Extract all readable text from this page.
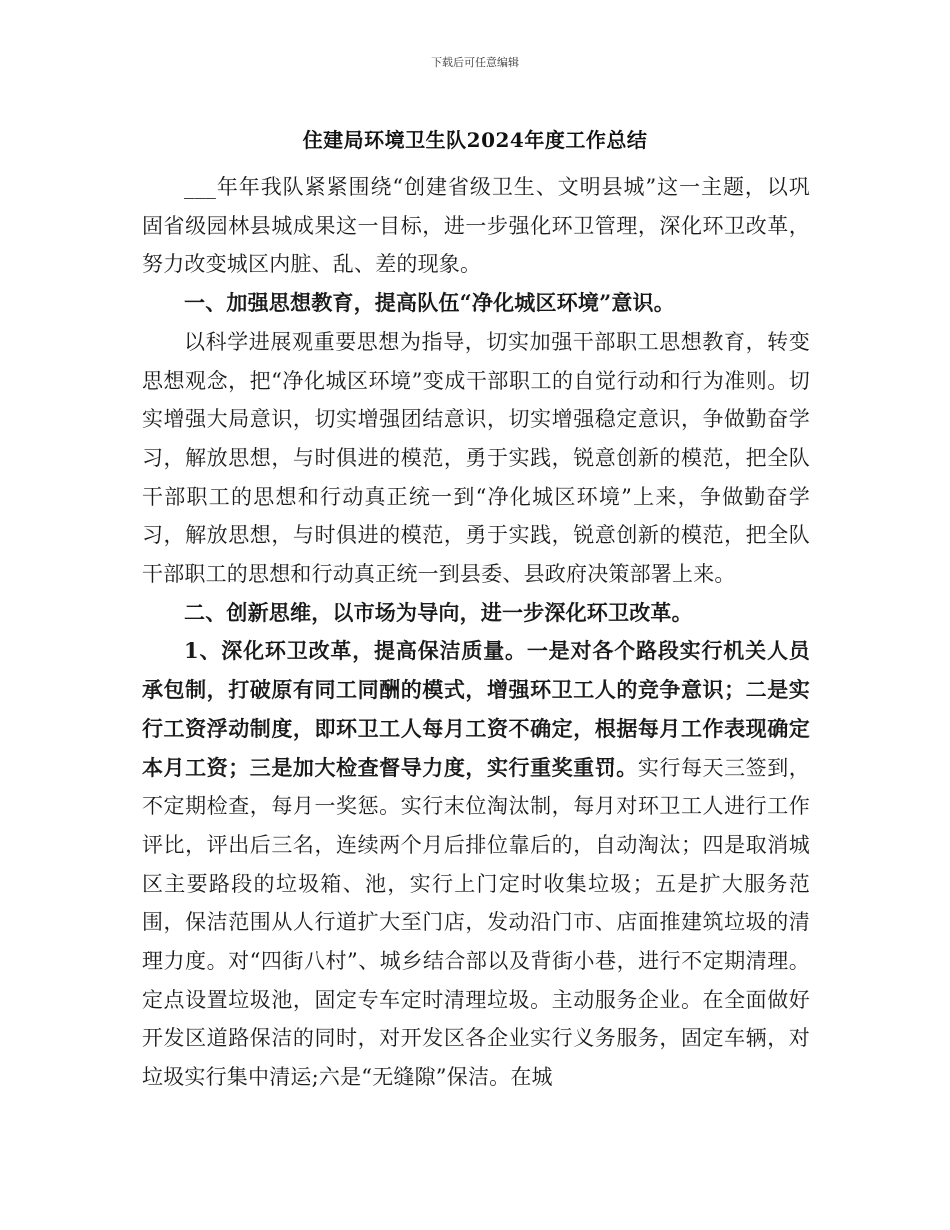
下载后可任意编辑
住建局环境卫生队2024年度工作总结

___年年我队紧紧围绕“创建省级卫生、文明县城”这一主题，以巩固省级园林县城成果这一目标，进一步强化环卫管理，深化环卫改革，努力改变城区内脏、乱、差的现象。

一、加强思想教育，提高队伍“净化城区环境”意识。

以科学进展观重要思想为指导，切实加强干部职工思想教育，转变思想观念，把“净化城区环境”变成干部职工的自觉行动和行为准则。切实增强大局意识，切实增强团结意识，切实增强稳定意识，争做勤奋学习，解放思想，与时俱进的模范，勇于实践，锐意创新的模范，把全队干部职工的思想和行动真正统一到“净化城区环境”上来，争做勤奋学习，解放思想，与时俱进的模范，勇于实践，锐意创新的模范，把全队干部职工的思想和行动真正统一到县委、县政府决策部署上来。

二、创新思维，以市场为导向，进一步深化环卫改革。

1、深化环卫改革，提高保洁质量。一是对各个路段实行机关人员承包制，打破原有同工同酬的模式，增强环卫工人的竞争意识；二是实行工资浮动制度，即环卫工人每月工资不确定，根据每月工作表现确定本月工资；三是加大检查督导力度，实行重奖重罚。实行每天三签到，不定期检查，每月一奖惩。实行末位淘汰制，每月对环卫工人进行工作评比，评出后三名，连续两个月后排位靠后的，自动淘汰；四是取消城区主要路段的垃圾箱、池，实行上门定时收集垃圾；五是扩大服务范围，保洁范围从人行道扩大至门店，发动沿门市、店面推建筑垃圾的清理力度。对“四街八村”、城乡结合部以及背街小巷，进行不定期清理。定点设置垃圾池，固定专车定时清理垃圾。主动服务企业。在全面做好开发区道路保洁的同时，对开发区各企业实行义务服务，固定车辆，对垃圾实行集中清运;六是“无缝隙”保洁。在城
